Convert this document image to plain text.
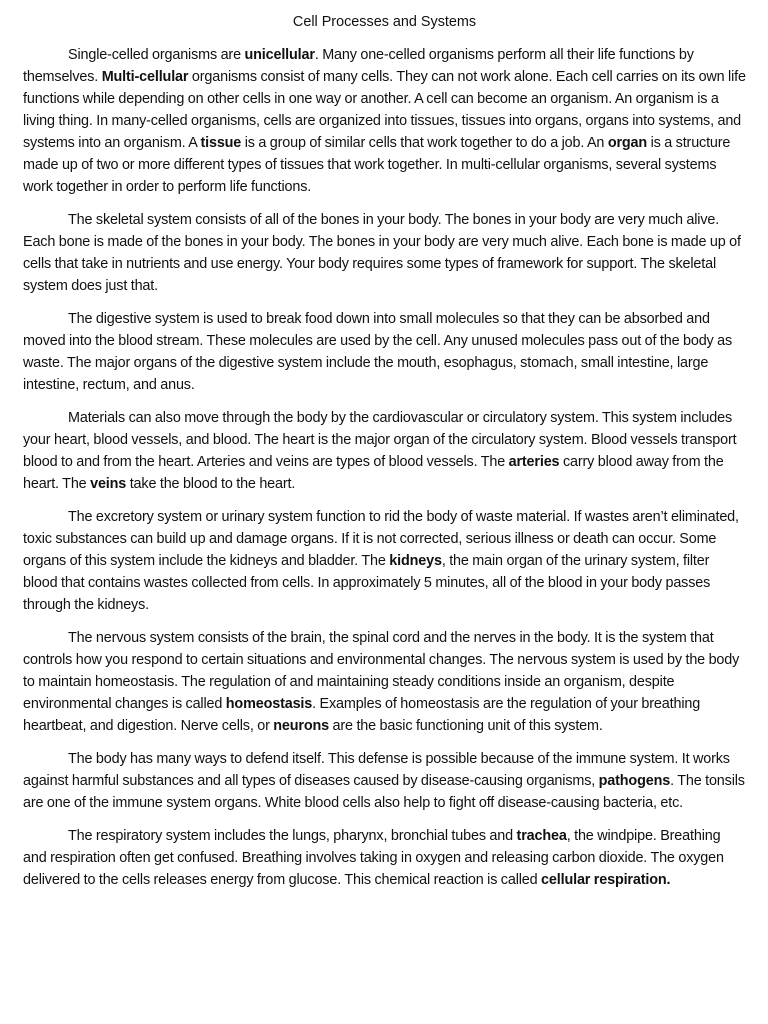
Cell Processes and Systems

Single-celled organisms are unicellular. Many one-celled organisms perform all their life functions by themselves. Multi-cellular organisms consist of many cells. They can not work alone. Each cell carries on its own life functions while depending on other cells in one way or another. A cell can become an organism. An organism is a living thing. In many-celled organisms, cells are organized into tissues, tissues into organs, organs into systems, and systems into an organism. A tissue is a group of similar cells that work together to do a job. An organ is a structure made up of two or more different types of tissues that work together. In multi-cellular organisms, several systems work together in order to perform life functions.

The skeletal system consists of all of the bones in your body. The bones in your body are very much alive. Each bone is made of the bones in your body. The bones in your body are very much alive. Each bone is made up of cells that take in nutrients and use energy. Your body requires some types of framework for support. The skeletal system does just that.

The digestive system is used to break food down into small molecules so that they can be absorbed and moved into the blood stream. These molecules are used by the cell. Any unused molecules pass out of the body as waste. The major organs of the digestive system include the mouth, esophagus, stomach, small intestine, large intestine, rectum, and anus.

Materials can also move through the body by the cardiovascular or circulatory system. This system includes your heart, blood vessels, and blood. The heart is the major organ of the circulatory system. Blood vessels transport blood to and from the heart. Arteries and veins are types of blood vessels. The arteries carry blood away from the heart. The veins take the blood to the heart.

The excretory system or urinary system function to rid the body of waste material. If wastes aren’t eliminated, toxic substances can build up and damage organs. If it is not corrected, serious illness or death can occur. Some organs of this system include the kidneys and bladder. The kidneys, the main organ of the urinary system, filter blood that contains wastes collected from cells. In approximately 5 minutes, all of the blood in your body passes through the kidneys.

The nervous system consists of the brain, the spinal cord and the nerves in the body. It is the system that controls how you respond to certain situations and environmental changes. The nervous system is used by the body to maintain homeostasis. The regulation of and maintaining steady conditions inside an organism, despite environmental changes is called homeostasis. Examples of homeostasis are the regulation of your breathing heartbeat, and digestion. Nerve cells, or neurons are the basic functioning unit of this system.

The body has many ways to defend itself. This defense is possible because of the immune system. It works against harmful substances and all types of diseases caused by disease-causing organisms, pathogens. The tonsils are one of the immune system organs. White blood cells also help to fight off disease-causing bacteria, etc.

The respiratory system includes the lungs, pharynx, bronchial tubes and trachea, the windpipe. Breathing and respiration often get confused. Breathing involves taking in oxygen and releasing carbon dioxide. The oxygen delivered to the cells releases energy from glucose. This chemical reaction is called cellular respiration.
